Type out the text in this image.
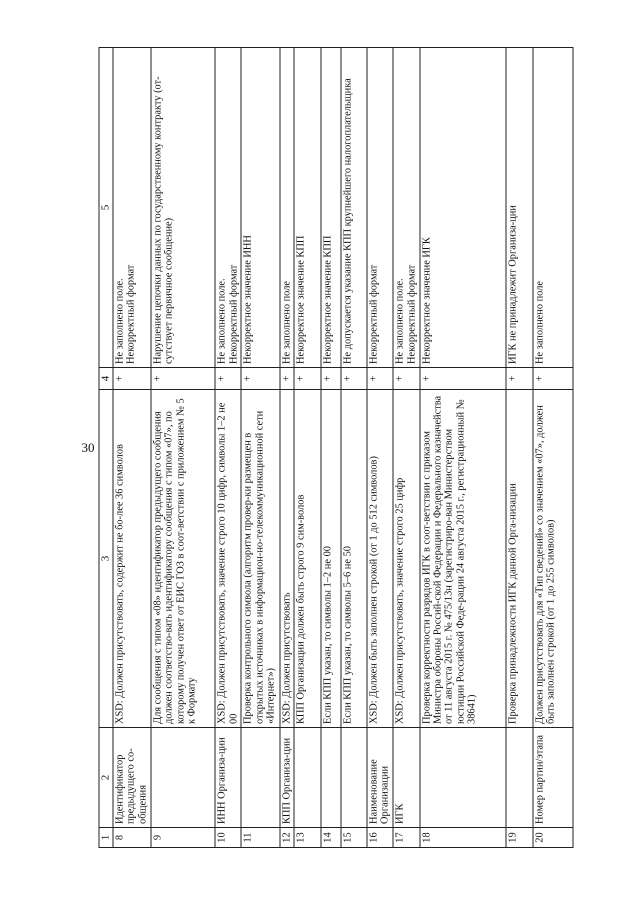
30
1	2	3	4	5
8	Идентификатор предыдущего со-общения	XSD: Должен присутствовать, содержит не бо-лее 36 символов	+	Не заполнено поле. Некорректный формат

9		Для сообщения с типом «08» идентификатор предыдущего сообщения должен соответство-вать идентификатору сообщения с типом «07», по которому получен ответ от ЕИС ГОЗ в соот-ветствии с приложением № 5 к Формату	+	Нарушение цепочки данных по государственному контракту (от-сутствует первичное сообщение)

10	ИНН Организа-ции	XSD: Должен присутствовать, значение строго 10 цифр, символы 1–2 не 00	+	Не заполнено поле. Некорректный формат

11		Проверка контрольного символа (алгоритм провер-ки размещен в открытых источниках в информацион-но-телекоммуникационной сети «Интернет»)	+	Некорректное значение ИНН

12	КПП Организа-ции	XSD: Должен присутствовать	+	Не заполнено поле

13		КПП Организации должен быть строго 9 сим-волов	+	Некорректное значение КПП

14		Если КПП указан, то символы 1–2 не 00	+	Некорректное значение КПП

15		Если КПП указан, то символы 5–6 не 50	+	Не допускается указание КПП крупнейшего налогоплательщика

16	Наименование Организации	XSD: Должен быть заполнен строкой (от 1 до 512 символов)	+	Некорректный формат

17	ИГК	XSD: Должен присутствовать, значение строго 25 цифр	+	Не заполнено поле. Некорректный формат

18		Проверка корректности разрядов ИГК в соот-ветствии с приказом Министра обороны Россий-ской Федерации и Федерального казначейства от 11 августа 2015 г. № 475/13н (зарегистриро-ван Министерством юстиции Российской Феде-рации 24 августа 2015 г., регистрационный № 38641)	+	Некорректное значение ИГК

19		Проверка принадлежности ИГК данной Орга-низации	+	ИГК не принадлежит Организа-ции

20	Номер партии/этапа	Должен присутствовать для «Тип сведений» со значением «07», должен быть заполнен строкой (от 1 до 255 символов)	+	Не заполнено поле
